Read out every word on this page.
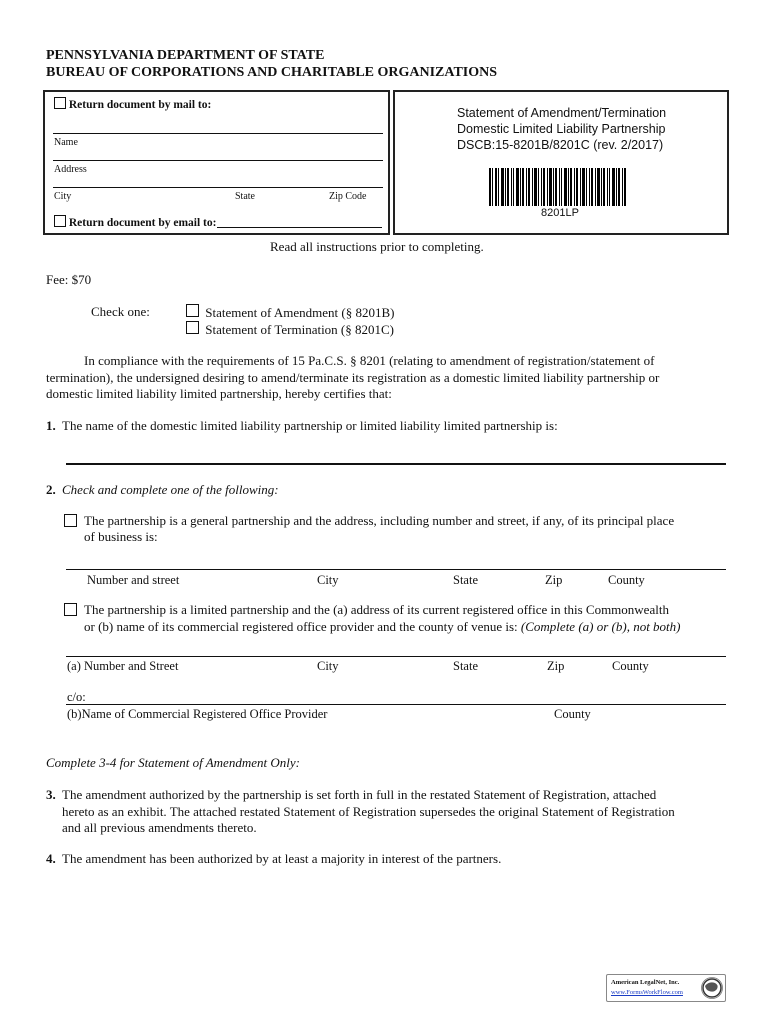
PENNSYLVANIA DEPARTMENT OF STATE
BUREAU OF CORPORATIONS AND CHARITABLE ORGANIZATIONS
Return document by mail to:
Name
Address
City	State	Zip Code
Return document by email to:
Statement of Amendment/Termination
Domestic Limited Liability Partnership
DSCB:15-8201B/8201C (rev. 2/2017)
8201LP
Read all instructions prior to completing.
Fee: $70
Check one:	Statement of Amendment (§ 8201B)
Statement of Termination (§ 8201C)
In compliance with the requirements of 15 Pa.C.S. § 8201 (relating to amendment of registration/statement of
termination), the undersigned desiring to amend/terminate its registration as a domestic limited liability partnership or
domestic limited liability limited partnership, hereby certifies that:
1. The name of the domestic limited liability partnership or limited liability limited partnership is:
2. Check and complete one of the following:
The partnership is a general partnership and the address, including number and street, if any, of its principal place
of business is:
Number and street	City	State	Zip	County
The partnership is a limited partnership and the (a) address of its current registered office in this Commonwealth
or (b) name of its commercial registered office provider and the county of venue is: (Complete (a) or (b), not both)
(a) Number and Street	City	State	Zip	County
c/o:
(b)Name of Commercial Registered Office Provider	County
Complete 3-4 for Statement of Amendment Only:
3. The amendment authorized by the partnership is set forth in full in the restated Statement of Registration, attached
hereto as an exhibit. The attached restated Statement of Registration supersedes the original Statement of Registration
and all previous amendments thereto.
4. The amendment has been authorized by at least a majority in interest of the partners.
American LegalNet, Inc.
www.FormsWorkFlow.com
